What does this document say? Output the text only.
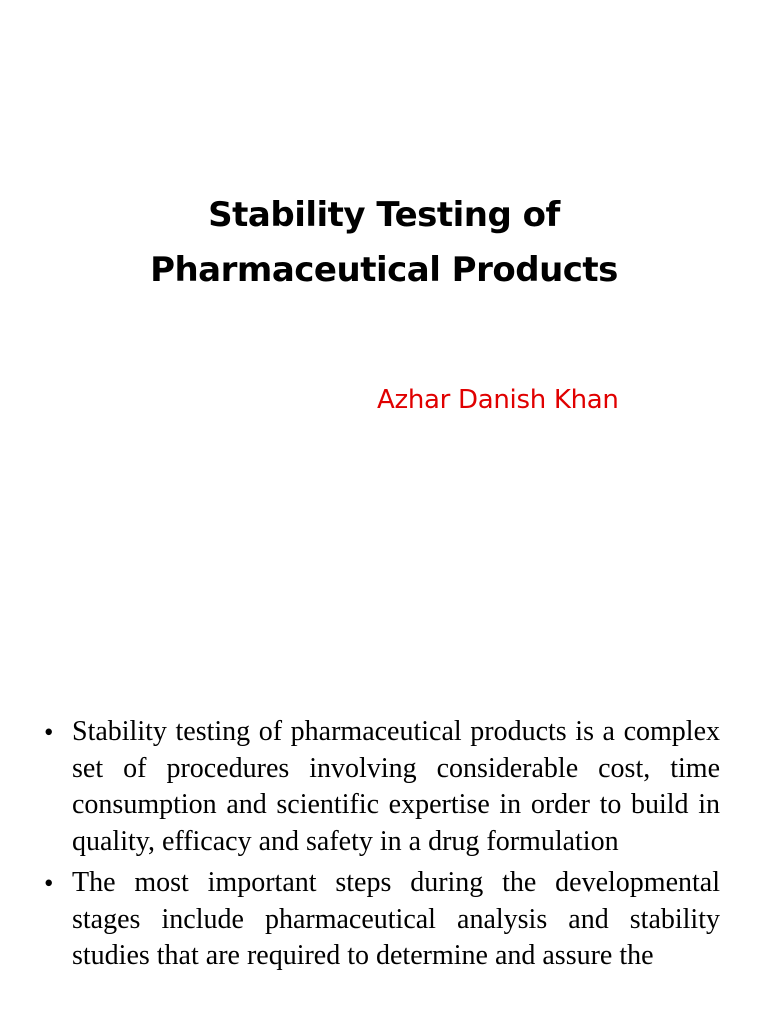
Stability Testing of
Pharmaceutical Products
Azhar Danish Khan
• Stability testing of pharmaceutical products is a complex set of procedures involving considerable cost, time consumption and scientific expertise in order to build in quality, efficacy and safety in a drug formulation
• The most important steps during the developmental stages include pharmaceutical analysis and stability studies that are required to determine and assure the
